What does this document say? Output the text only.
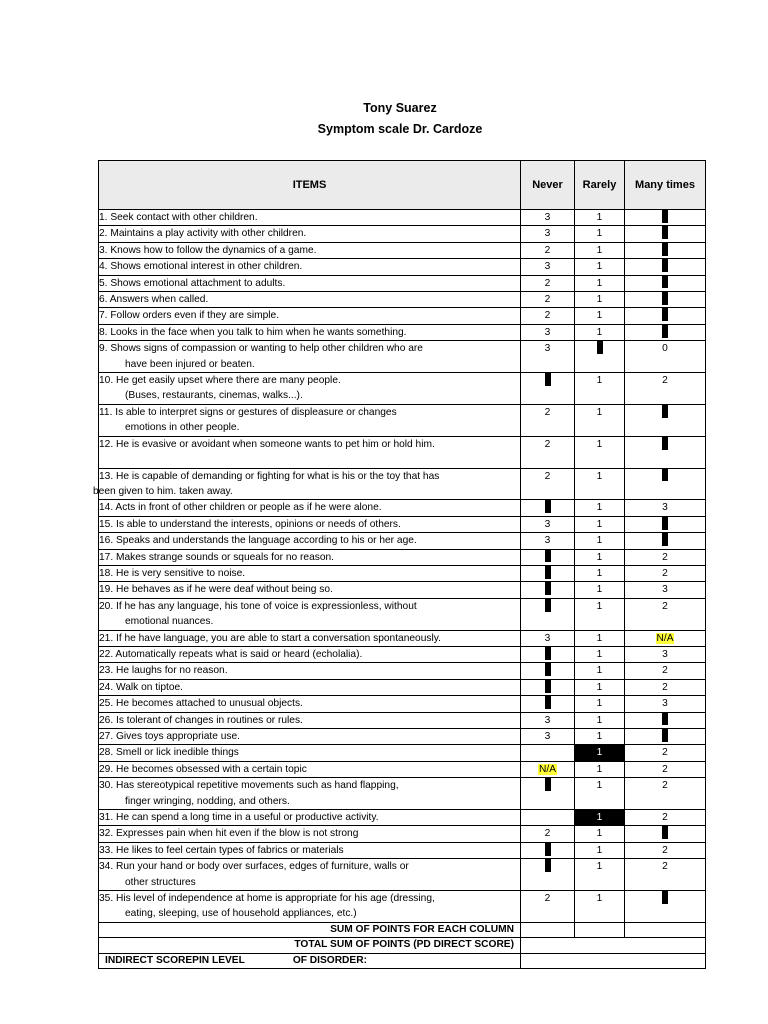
Tony Suarez
Symptom scale Dr. Cardoze
ITEMS	Never	Rarely	Many times
1. Seek contact with other children.	3	1	
2. Maintains a play activity with other children.	3	1	
3. Knows how to follow the dynamics of a game.	2	1	
4. Shows emotional interest in other children.	3	1	
5. Shows emotional attachment to adults.	2	1	
6. Answers when called.	2	1	
7. Follow orders even if they are simple.	2	1	
8. Looks in the face when you talk to him when he wants something.	3	1	
9. Shows signs of compassion or wanting to help other children who are
have been injured or beaten.	3		0
10. He get easily upset where there are many people.
(Buses, restaurants, cinemas, walks...).		1	2
11. Is able to interpret signs or gestures of displeasure or changes
emotions in other people.	2	1	
12. He is evasive or avoidant when someone wants to pet him or hold him.	2	1	
13. He is capable of demanding or fighting for what is his or the toy that has
been given to him. taken away.	2	1	
14. Acts in front of other children or people as if he were alone.		1	3
15. Is able to understand the interests, opinions or needs of others.	3	1	
16. Speaks and understands the language according to his or her age.	3	1	
17. Makes strange sounds or squeals for no reason.		1	2
18. He is very sensitive to noise.		1	2
19. He behaves as if he were deaf without being so.		1	3
20. If he has any language, his tone of voice is expressionless, without
emotional nuances.		1	2
21. If he have language, you are able to start a conversation spontaneously.	3	1	N/A
22. Automatically repeats what is said or heard (echolalia).		1	3
23. He laughs for no reason.		1	2
24. Walk on tiptoe.		1	2
25. He becomes attached to unusual objects.		1	3
26. Is tolerant of changes in routines or rules.	3	1	
27. Gives toys appropriate use.	3	1	
28. Smell or lick inedible things		1	2
29. He becomes obsessed with a certain topic	N/A	1	2
30. Has stereotypical repetitive movements such as hand flapping,
finger wringing, nodding, and others.		1	2
31. He can spend a long time in a useful or productive activity.		1	2
32. Expresses pain when hit even if the blow is not strong	2	1	
33. He likes to feel certain types of fabrics or materials		1	2
34. Run your hand or body over surfaces, edges of furniture, walls or
other structures		1	2
35. His level of independence at home is appropriate for his age (dressing,
eating, sleeping, use of household appliances, etc.)	2	1	
SUM OF POINTS FOR EACH COLUMN			
TOTAL SUM OF POINTS (PD DIRECT SCORE)			
INDIRECT SCOREPIN LEVEL OF DISORDER:			
